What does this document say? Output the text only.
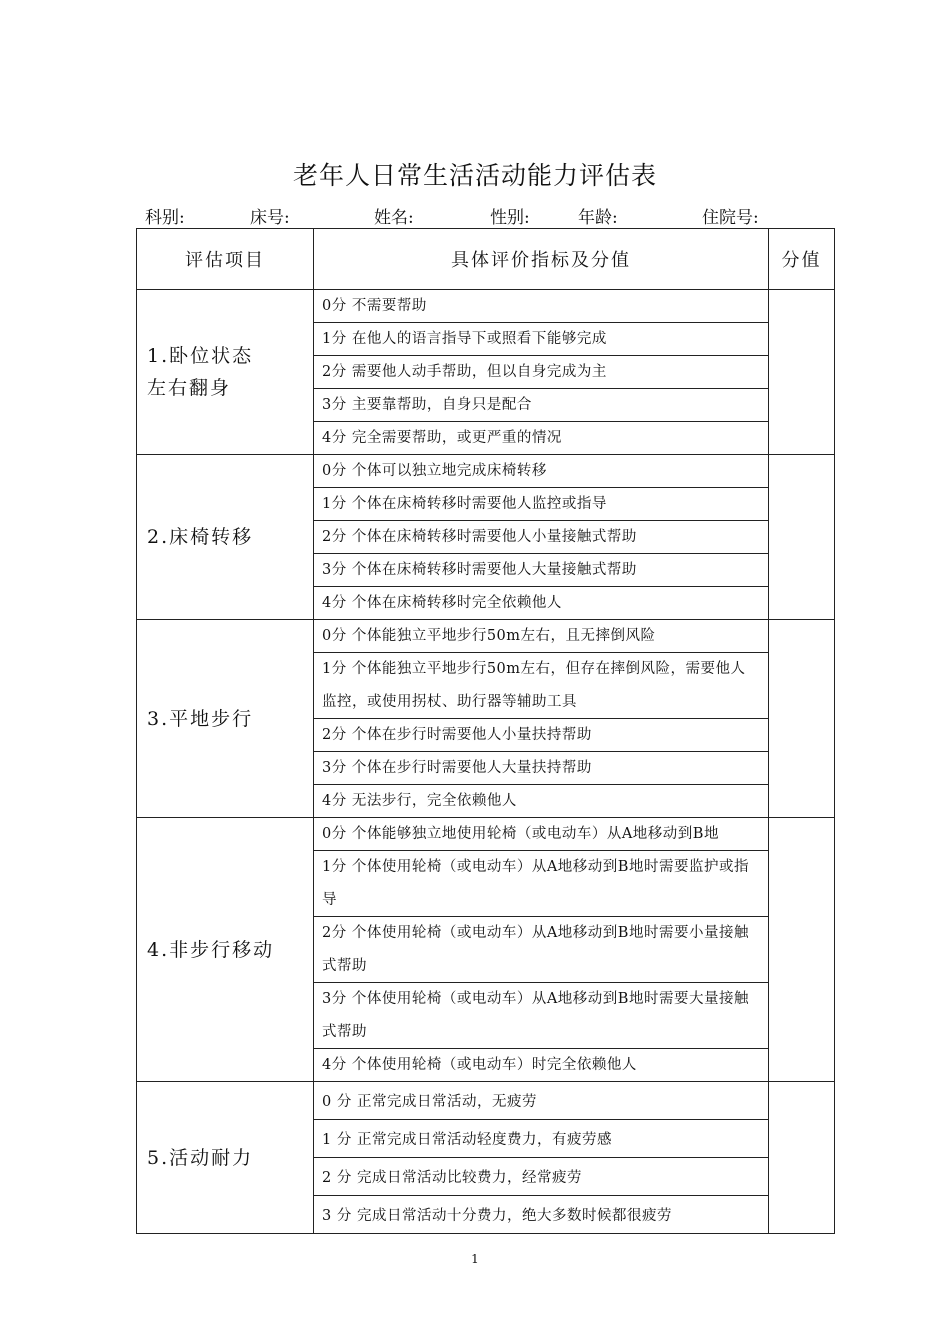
老年人日常生活活动能力评估表
科别:	床号:	姓名:	性别:	年龄:	住院号:
评估项目	具体评价指标及分值	分值

1.卧位状态
左右翻身	0分 不需要帮助	
	1分 在他人的语言指导下或照看下能够完成	
	2分 需要他人动手帮助，但以自身完成为主	
	3分 主要靠帮助，自身只是配合	
	4分 完全需要帮助，或更严重的情况	

2.床椅转移	0分 个体可以独立地完成床椅转移	
	1分 个体在床椅转移时需要他人监控或指导	
	2分 个体在床椅转移时需要他人小量接触式帮助	
	3分 个体在床椅转移时需要他人大量接触式帮助	
	4分 个体在床椅转移时完全依赖他人	

3.平地步行	0分 个体能独立平地步行50m左右，且无摔倒风险	
	1分 个体能独立平地步行50m左右，但存在摔倒风险，需要他人监控，或使用拐杖、助行器等辅助工具	
	2分 个体在步行时需要他人小量扶持帮助	
	3分 个体在步行时需要他人大量扶持帮助	
	4分 无法步行，完全依赖他人	

4.非步行移动	0分 个体能够独立地使用轮椅（或电动车）从A地移动到B地	
	1分 个体使用轮椅（或电动车）从A地移动到B地时需要监护或指导	
	2分 个体使用轮椅（或电动车）从A地移动到B地时需要小量接触式帮助	
	3分 个体使用轮椅（或电动车）从A地移动到B地时需要大量接触式帮助	
	4分 个体使用轮椅（或电动车）时完全依赖他人	

5.活动耐力	0 分 正常完成日常活动，无疲劳	
	1 分 正常完成日常活动轻度费力，有疲劳感	
	2 分 完成日常活动比较费力，经常疲劳	
	3 分 完成日常活动十分费力，绝大多数时候都很疲劳	
1
